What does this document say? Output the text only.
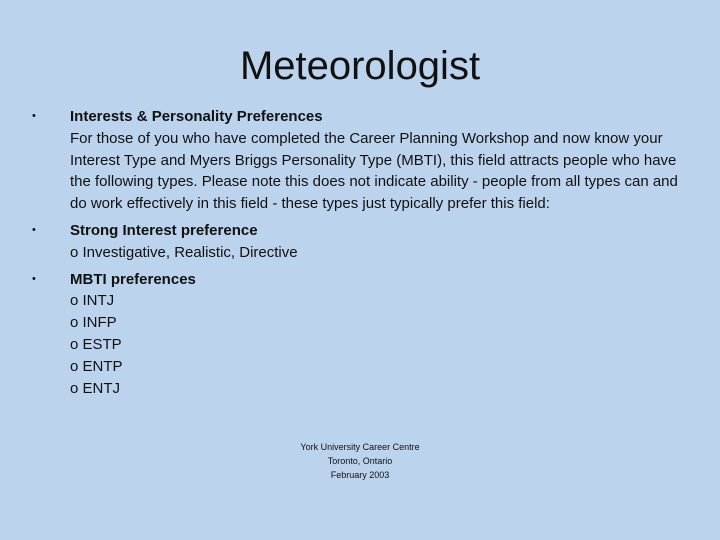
Meteorologist
•	Interests & Personality Preferences
For those of you who have completed the Career Planning Workshop and now know your Interest Type and Myers Briggs Personality Type (MBTI), this field attracts people who have the following types. Please note this does not indicate ability - people from all types can and do work effectively in this field - these types just typically prefer this field:
•	Strong Interest preference
o Investigative, Realistic, Directive
•	MBTI preferences
o INTJ
o INFP
o ESTP
o ENTP
o ENTJ
York University Career Centre
Toronto, Ontario
February 2003
